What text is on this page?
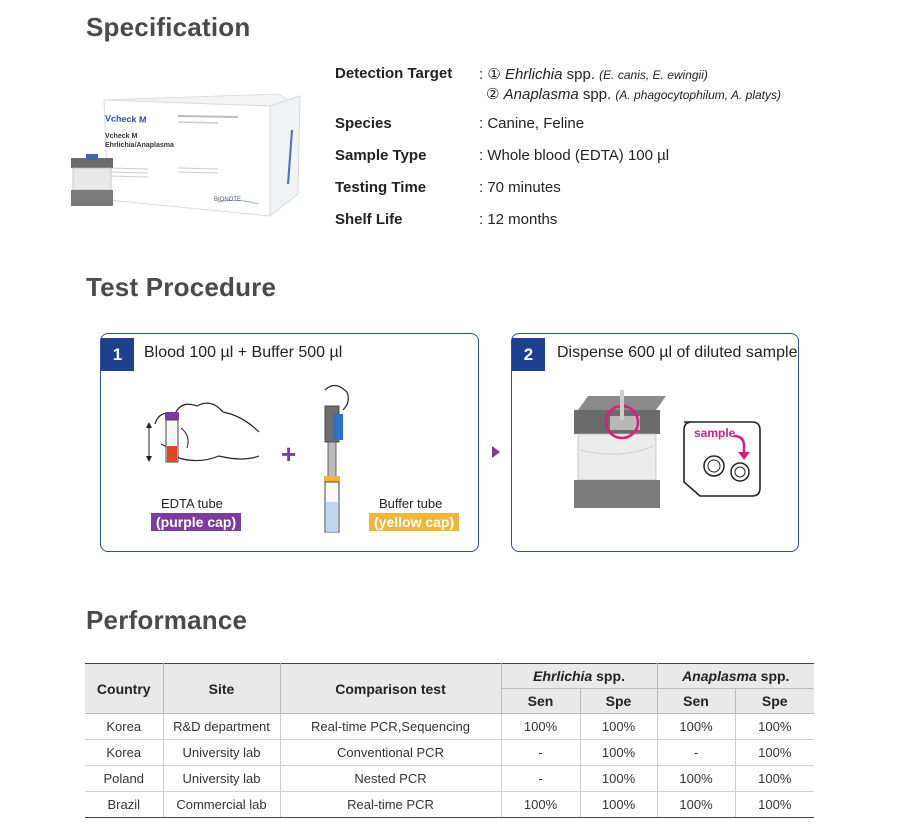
Specification
Vcheck M
Vcheck M
Ehrlichia/Anaplasma
BIONOTE
Detection Target : ① Ehrlichia spp. (E. canis, E. ewingii)
② Anaplasma spp. (A. phagocytophilum, A. platys)
Species	: Canine, Feline
Sample Type	: Whole blood (EDTA) 100 µl
Testing Time	: 70 minutes
Shelf Life	: 12 months
Test Procedure
1	Blood 100 µl + Buffer 500 µl
+
EDTA tube
(purple cap)
Buffer tube
(yellow cap)
2	Dispense 600 µl of diluted sample
sample
Performance
Country	Site	Comparison test	Ehrlichia spp.		Anaplasma spp.	
			Sen	Spe	Sen	Spe
Korea	R&D department	Real-time PCR,Sequencing	100%	100%	100%	100%
Korea	University lab	Conventional PCR	-	100%	-	100%
Poland	University lab	Nested PCR	-	100%	100%	100%
Brazil	Commercial lab	Real-time PCR	100%	100%	100%	100%
